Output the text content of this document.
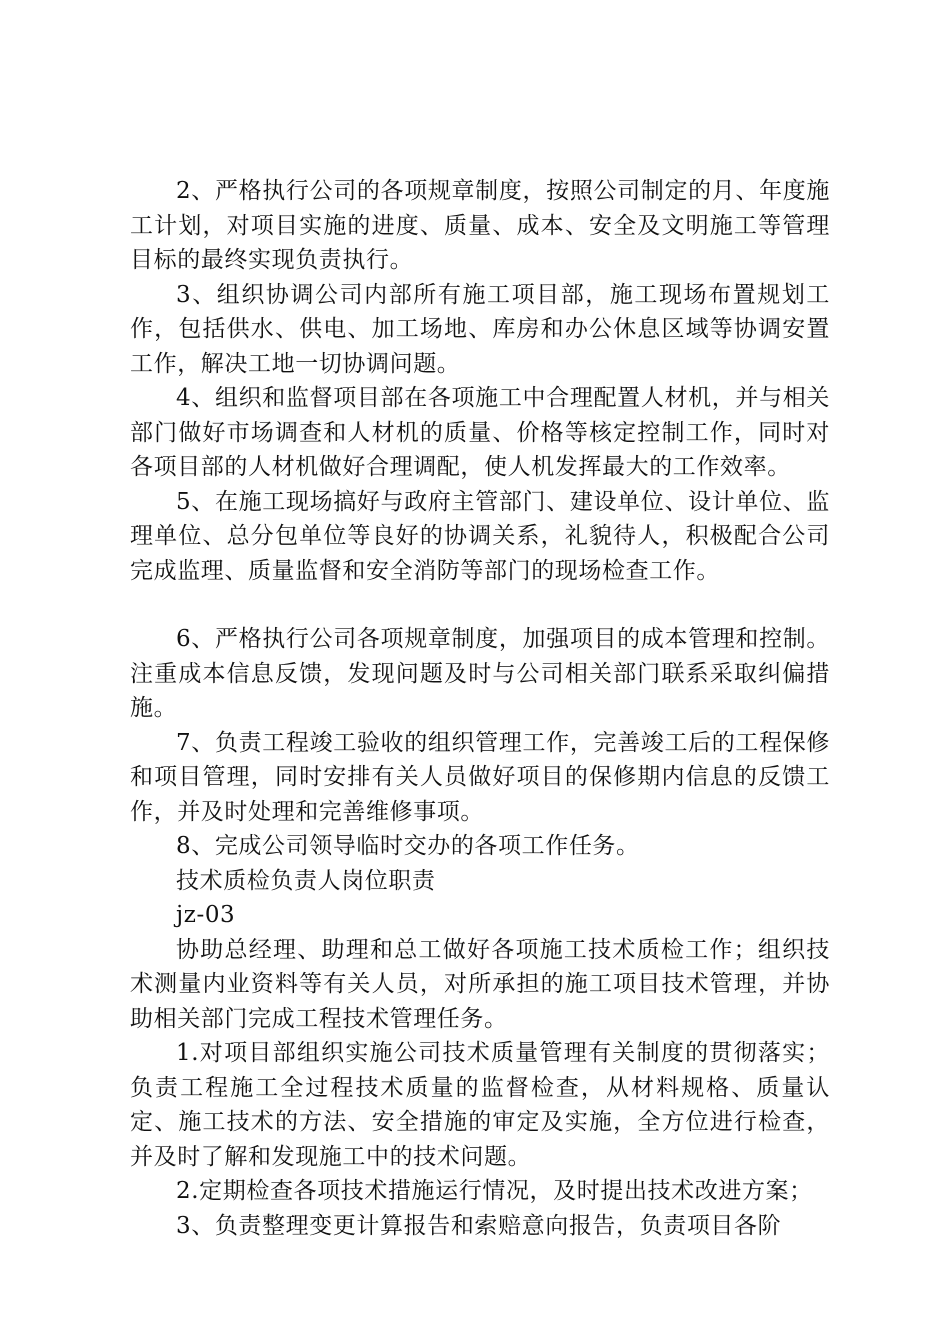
2、严格执行公司的各项规章制度，按照公司制定的月、年度施工计划，对项目实施的进度、质量、成本、安全及文明施工等管理目标的最终实现负责执行。

3、组织协调公司内部所有施工项目部，施工现场布置规划工作，包括供水、供电、加工场地、库房和办公休息区域等协调安置工作，解决工地一切协调问题。

4、组织和监督项目部在各项施工中合理配置人材机，并与相关部门做好市场调查和人材机的质量、价格等核定控制工作，同时对各项目部的人材机做好合理调配，使人机发挥最大的工作效率。

5、在施工现场搞好与政府主管部门、建设单位、设计单位、监理单位、总分包单位等良好的协调关系，礼貌待人，积极配合公司完成监理、质量监督和安全消防等部门的现场检查工作。

6、严格执行公司各项规章制度，加强项目的成本管理和控制。注重成本信息反馈，发现问题及时与公司相关部门联系采取纠偏措施。

7、负责工程竣工验收的组织管理工作，完善竣工后的工程保修和项目管理，同时安排有关人员做好项目的保修期内信息的反馈工作，并及时处理和完善维修事项。

8、完成公司领导临时交办的各项工作任务。

技术质检负责人岗位职责

jz-03

协助总经理、助理和总工做好各项施工技术质检工作；组织技术测量内业资料等有关人员，对所承担的施工项目技术管理，并协助相关部门完成工程技术管理任务。

1.对项目部组织实施公司技术质量管理有关制度的贯彻落实；负责工程施工全过程技术质量的监督检查，从材料规格、质量认定、施工技术的方法、安全措施的审定及实施，全方位进行检查，并及时了解和发现施工中的技术问题。

2.定期检查各项技术措施运行情况，及时提出技术改进方案；

3、负责整理变更计算报告和索赔意向报告，负责项目各阶
